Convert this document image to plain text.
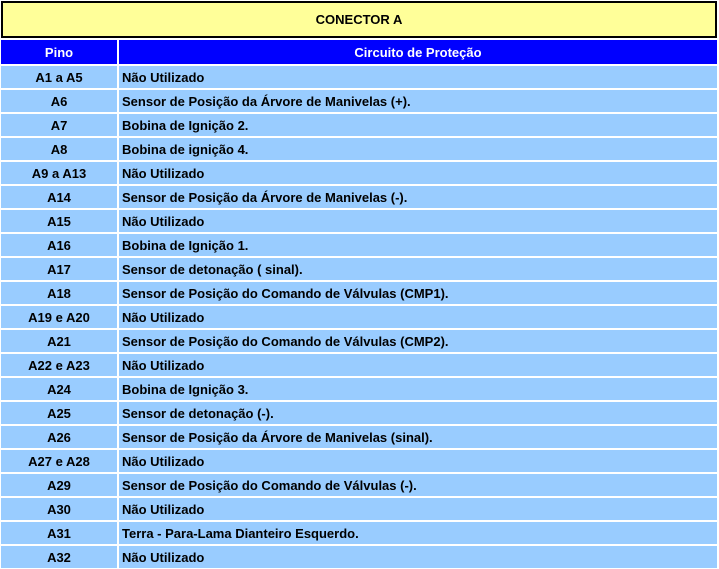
CONECTOR A
Pino	Circuito de Proteção
A1 a A5	Não Utilizado
A6	Sensor de Posição da Árvore de Manivelas (+).
A7	Bobina de Ignição 2.
A8	Bobina de ignição 4.
A9 a A13	Não Utilizado
A14	Sensor de Posição da Árvore de Manivelas (-).
A15	Não Utilizado
A16	Bobina de Ignição 1.
A17	Sensor de detonação ( sinal).
A18	Sensor de Posição do Comando de Válvulas (CMP1).
A19 e A20	Não Utilizado
A21	Sensor de Posição do Comando de Válvulas (CMP2).
A22 e A23	Não Utilizado
A24	Bobina de Ignição 3.
A25	Sensor de detonação (-).
A26	Sensor de Posição da Árvore de Manivelas (sinal).
A27 e A28	Não Utilizado
A29	Sensor de Posição do Comando de Válvulas (-).
A30	Não Utilizado
A31	Terra - Para-Lama Dianteiro Esquerdo.
A32	Não Utilizado
